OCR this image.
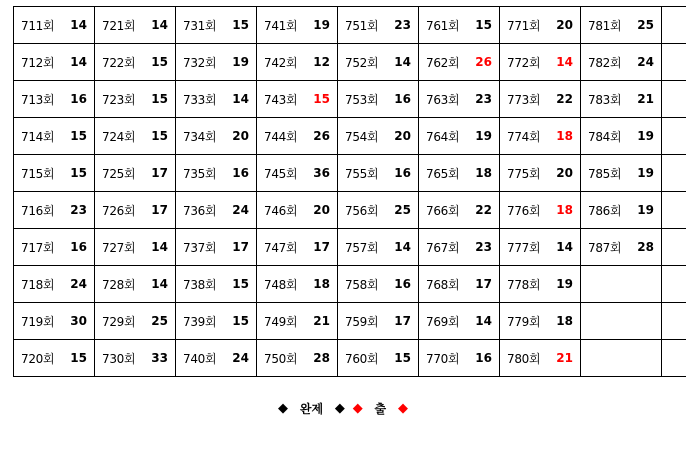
711회 14	721회 14	731회 15	741회 19	751회 23	761회 15	771회 20	781회 25		

712회 14	722회 15	732회 19	742회 12	752회 14	762회 26	772회 14	782회 24		

713회 16	723회 15	733회 14	743회 15	753회 16	763회 23	773회 22	783회 21		

714회 15	724회 15	734회 20	744회 26	754회 20	764회 19	774회 18	784회 19		

715회 15	725회 17	735회 16	745회 36	755회 16	765회 18	775회 20	785회 19		

716회 23	726회 17	736회 24	746회 20	756회 25	766회 22	776회 18	786회 19		

717회 16	727회 14	737회 17	747회 17	757회 14	767회 23	777회 14	787회 28		

718회 24	728회 14	738회 15	748회 18	758회 16	768회 17	778회 19			

719회 30	729회 25	739회 15	749회 21	759회 17	769회 14	779회 18			

720회 15	730회 33	740회 24	750회 28	760회 15	770회 16	780회 21			

◆ 완제 ◆ ◆ 출 ◆
